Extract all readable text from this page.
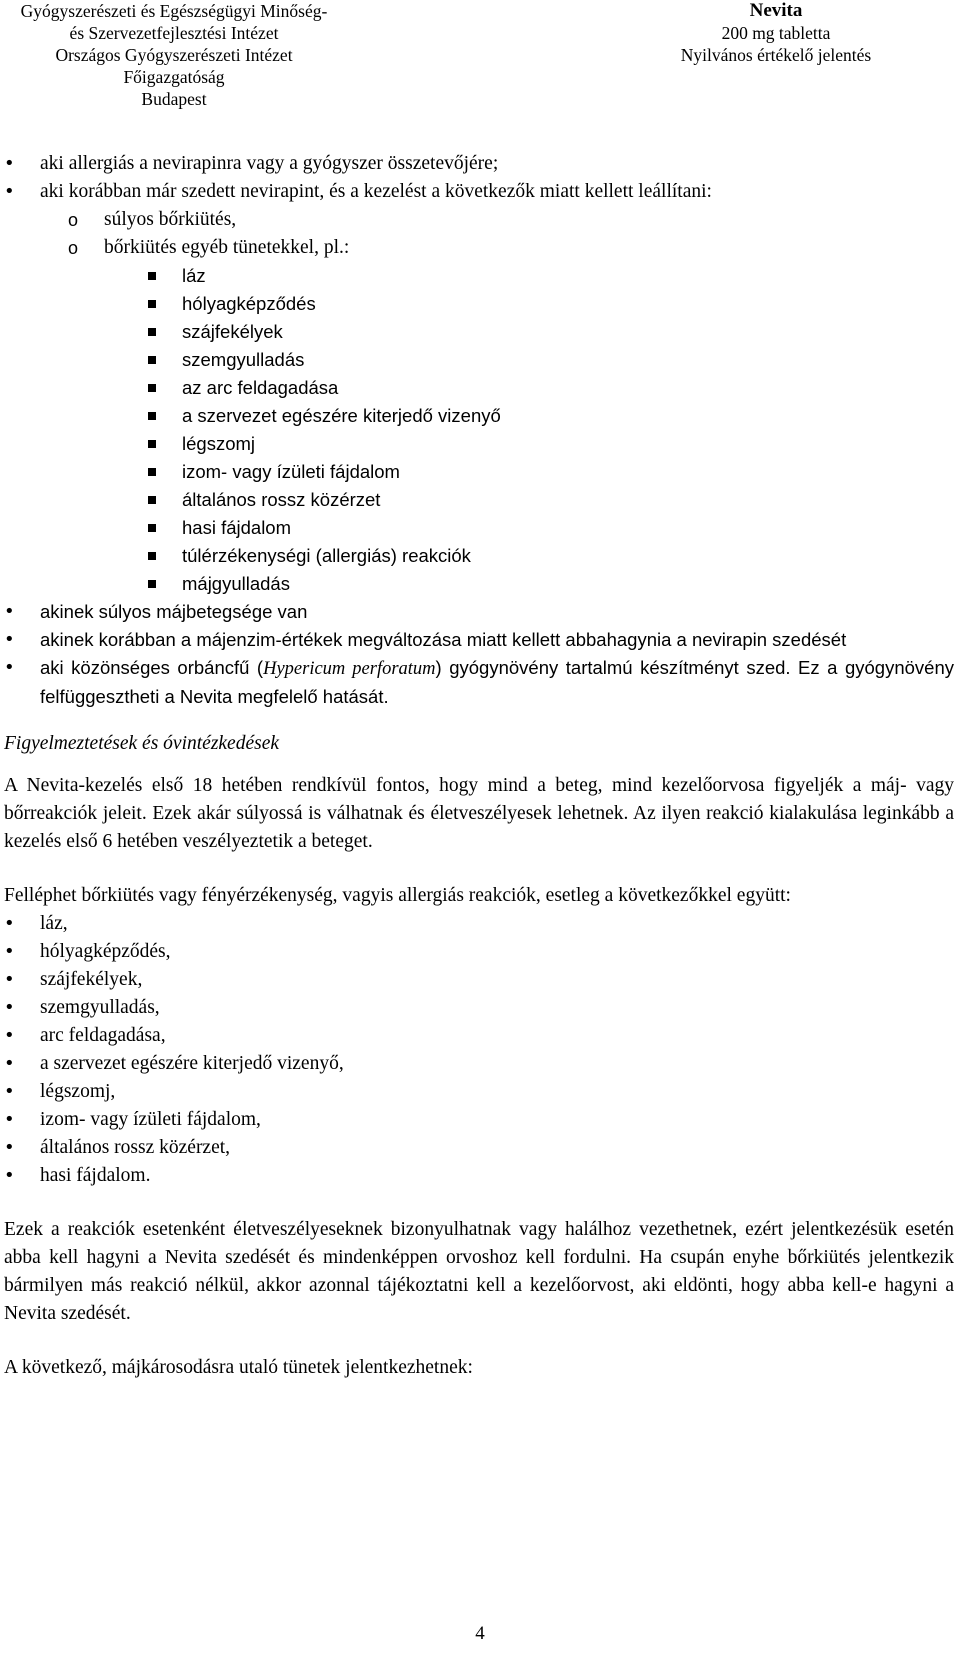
Gyógyszerészeti és Egészségügyi Minőség-
és Szervezetfejlesztési Intézet
Országos Gyógyszerészeti Intézet
Főigazgatóság
Budapest
Nevita
200 mg tabletta
Nyilvános értékelő jelentés
• aki allergiás a nevirapinra vagy a gyógyszer összetevőjére;
• aki korábban már szedett nevirapint, és a kezelést a következők miatt kellett leállítani:
o súlyos bőrkiütés,
o bőrkiütés egyéb tünetekkel, pl.:
láz
hólyagképződés
szájfekélyek
szemgyulladás
az arc feldagadása
a szervezet egészére kiterjedő vizenyő
légszomj
izom- vagy ízületi fájdalom
általános rossz közérzet
hasi fájdalom
túlérzékenységi (allergiás) reakciók
májgyulladás
• akinek súlyos májbetegsége van
• akinek korábban a májenzim-értékek megváltozása miatt kellett abbahagynia a nevirapin szedését
• aki közönséges orbáncfű (Hypericum perforatum) gyógynövény tartalmú készítményt szed. Ez a gyógynövény felfüggesztheti a Nevita megfelelő hatását.
Figyelmeztetések és óvintézkedések

A Nevita-kezelés első 18 hetében rendkívül fontos, hogy mind a beteg, mind kezelőorvosa figyeljék a máj- vagy bőrreakciók jeleit. Ezek akár súlyossá is válhatnak és életveszélyesek lehetnek. Az ilyen reakció kialakulása leginkább a kezelés első 6 hetében veszélyeztetik a beteget.

Felléphet bőrkiütés vagy fényérzékenység, vagyis allergiás reakciók, esetleg a következőkkel együtt:

• láz,
• hólyagképződés,
• szájfekélyek,
• szemgyulladás,
• arc feldagadása,
• a szervezet egészére kiterjedő vizenyő,
• légszomj,
• izom- vagy ízületi fájdalom,
• általános rossz közérzet,
• hasi fájdalom.

Ezek a reakciók esetenként életveszélyeseknek bizonyulhatnak vagy halálhoz vezethetnek, ezért jelentkezésük esetén abba kell hagyni a Nevita szedését és mindenképpen orvoshoz kell fordulni. Ha csupán enyhe bőrkiütés jelentkezik bármilyen más reakció nélkül, akkor azonnal tájékoztatni kell a kezelőorvost, aki eldönti, hogy abba kell-e hagyni a Nevita szedését.

A következő, májkárosodásra utaló tünetek jelentkezhetnek:

4
